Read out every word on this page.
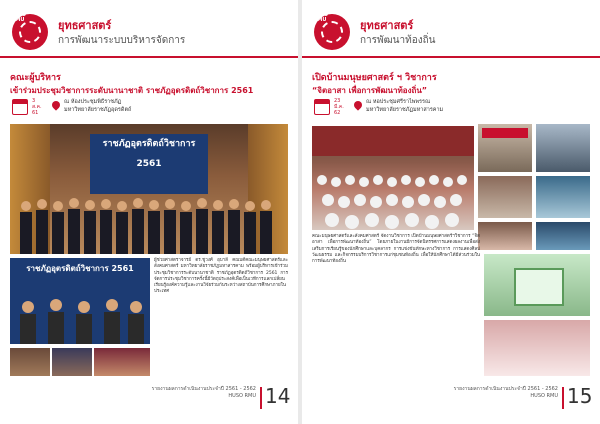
HUSO RMU	ยุทธศาสตร์
การพัฒนาระบบบริหารจัดการ
คณะผู้บริหาร
เข้าร่วมประชุมวิชาการระดับนานาชาติ ราชภัฏอุดรดิตถ์วิชาการ 2561
3
ส.ค.
61
ณ ห้องประชุมพิธีราชภัฏ
มหาวิทยาลัยราชภัฏอุดรดิตถ์
ราชภัฏอุตรดิตถ์วิชาการ 2561
ราชภัฏอุตรดิตถ์วิชาการ 2561
ผู้ช่วยศาสตราจารย์ ดร.ชูวงศ์ อุบาลี คณบดีคณะมนุษยศาสตร์และสังคมศาสตร์ มหาวิทยาลัยราชภัฏมหาสารคาม พร้อมผู้บริหารเข้าร่วมประชุมวิชาการระดับนานาชาติ ราชภัฏอุตรดิตถ์วิชาการ 2561 การจัดการประชุมวิชาการครั้งนี้มีวัตถุประสงค์เพื่อเป็นเวทีการแลกเปลี่ยนเรียนรู้องค์ความรู้และงานวิจัยร่วมกันระหว่างสถาบันการศึกษาภายในประเทศ
รายงานผลการดำเนินงานประจำปี 2561 - 2562
HUSO RMU 14
HUSO RMU	ยุทธศาสตร์
การพัฒนาท้องถิ่น
เปิดบ้านมนุษยศาสตร์ ฯ วิชาการ
“จิตอาสา เพื่อการพัฒนาท้องถิ่น”
23
มี.ค.
62
ณ หอประชุมศรีราไพพรรณ
มหาวิทยาลัยราชภัฏมหาสารคาม
คณะมนุษยศาสตร์และสังคมศาสตร์ จัดงานวิชาการ เปิดบ้านมนุษยศาสตร์ฯวิชาการ “จิตอาสา เพื่อการพัฒนาท้องถิ่น” โดยภายในงานมีการจัดนิทรรศการแสดงผลงานเพื่อส่งเสริมการเรียนรู้ของนักศึกษาและบุคลากร การแข่งขันทักษะทางวิชาการ การแสดงศิลปวัฒนธรรม และกิจกรรมบริการวิชาการแก่ชุมชนท้องถิ่น เพื่อให้นักศึกษาได้มีส่วนร่วมในการพัฒนาท้องถิ่น
รายงานผลการดำเนินงานประจำปี 2561 - 2562
HUSO RMU 15
